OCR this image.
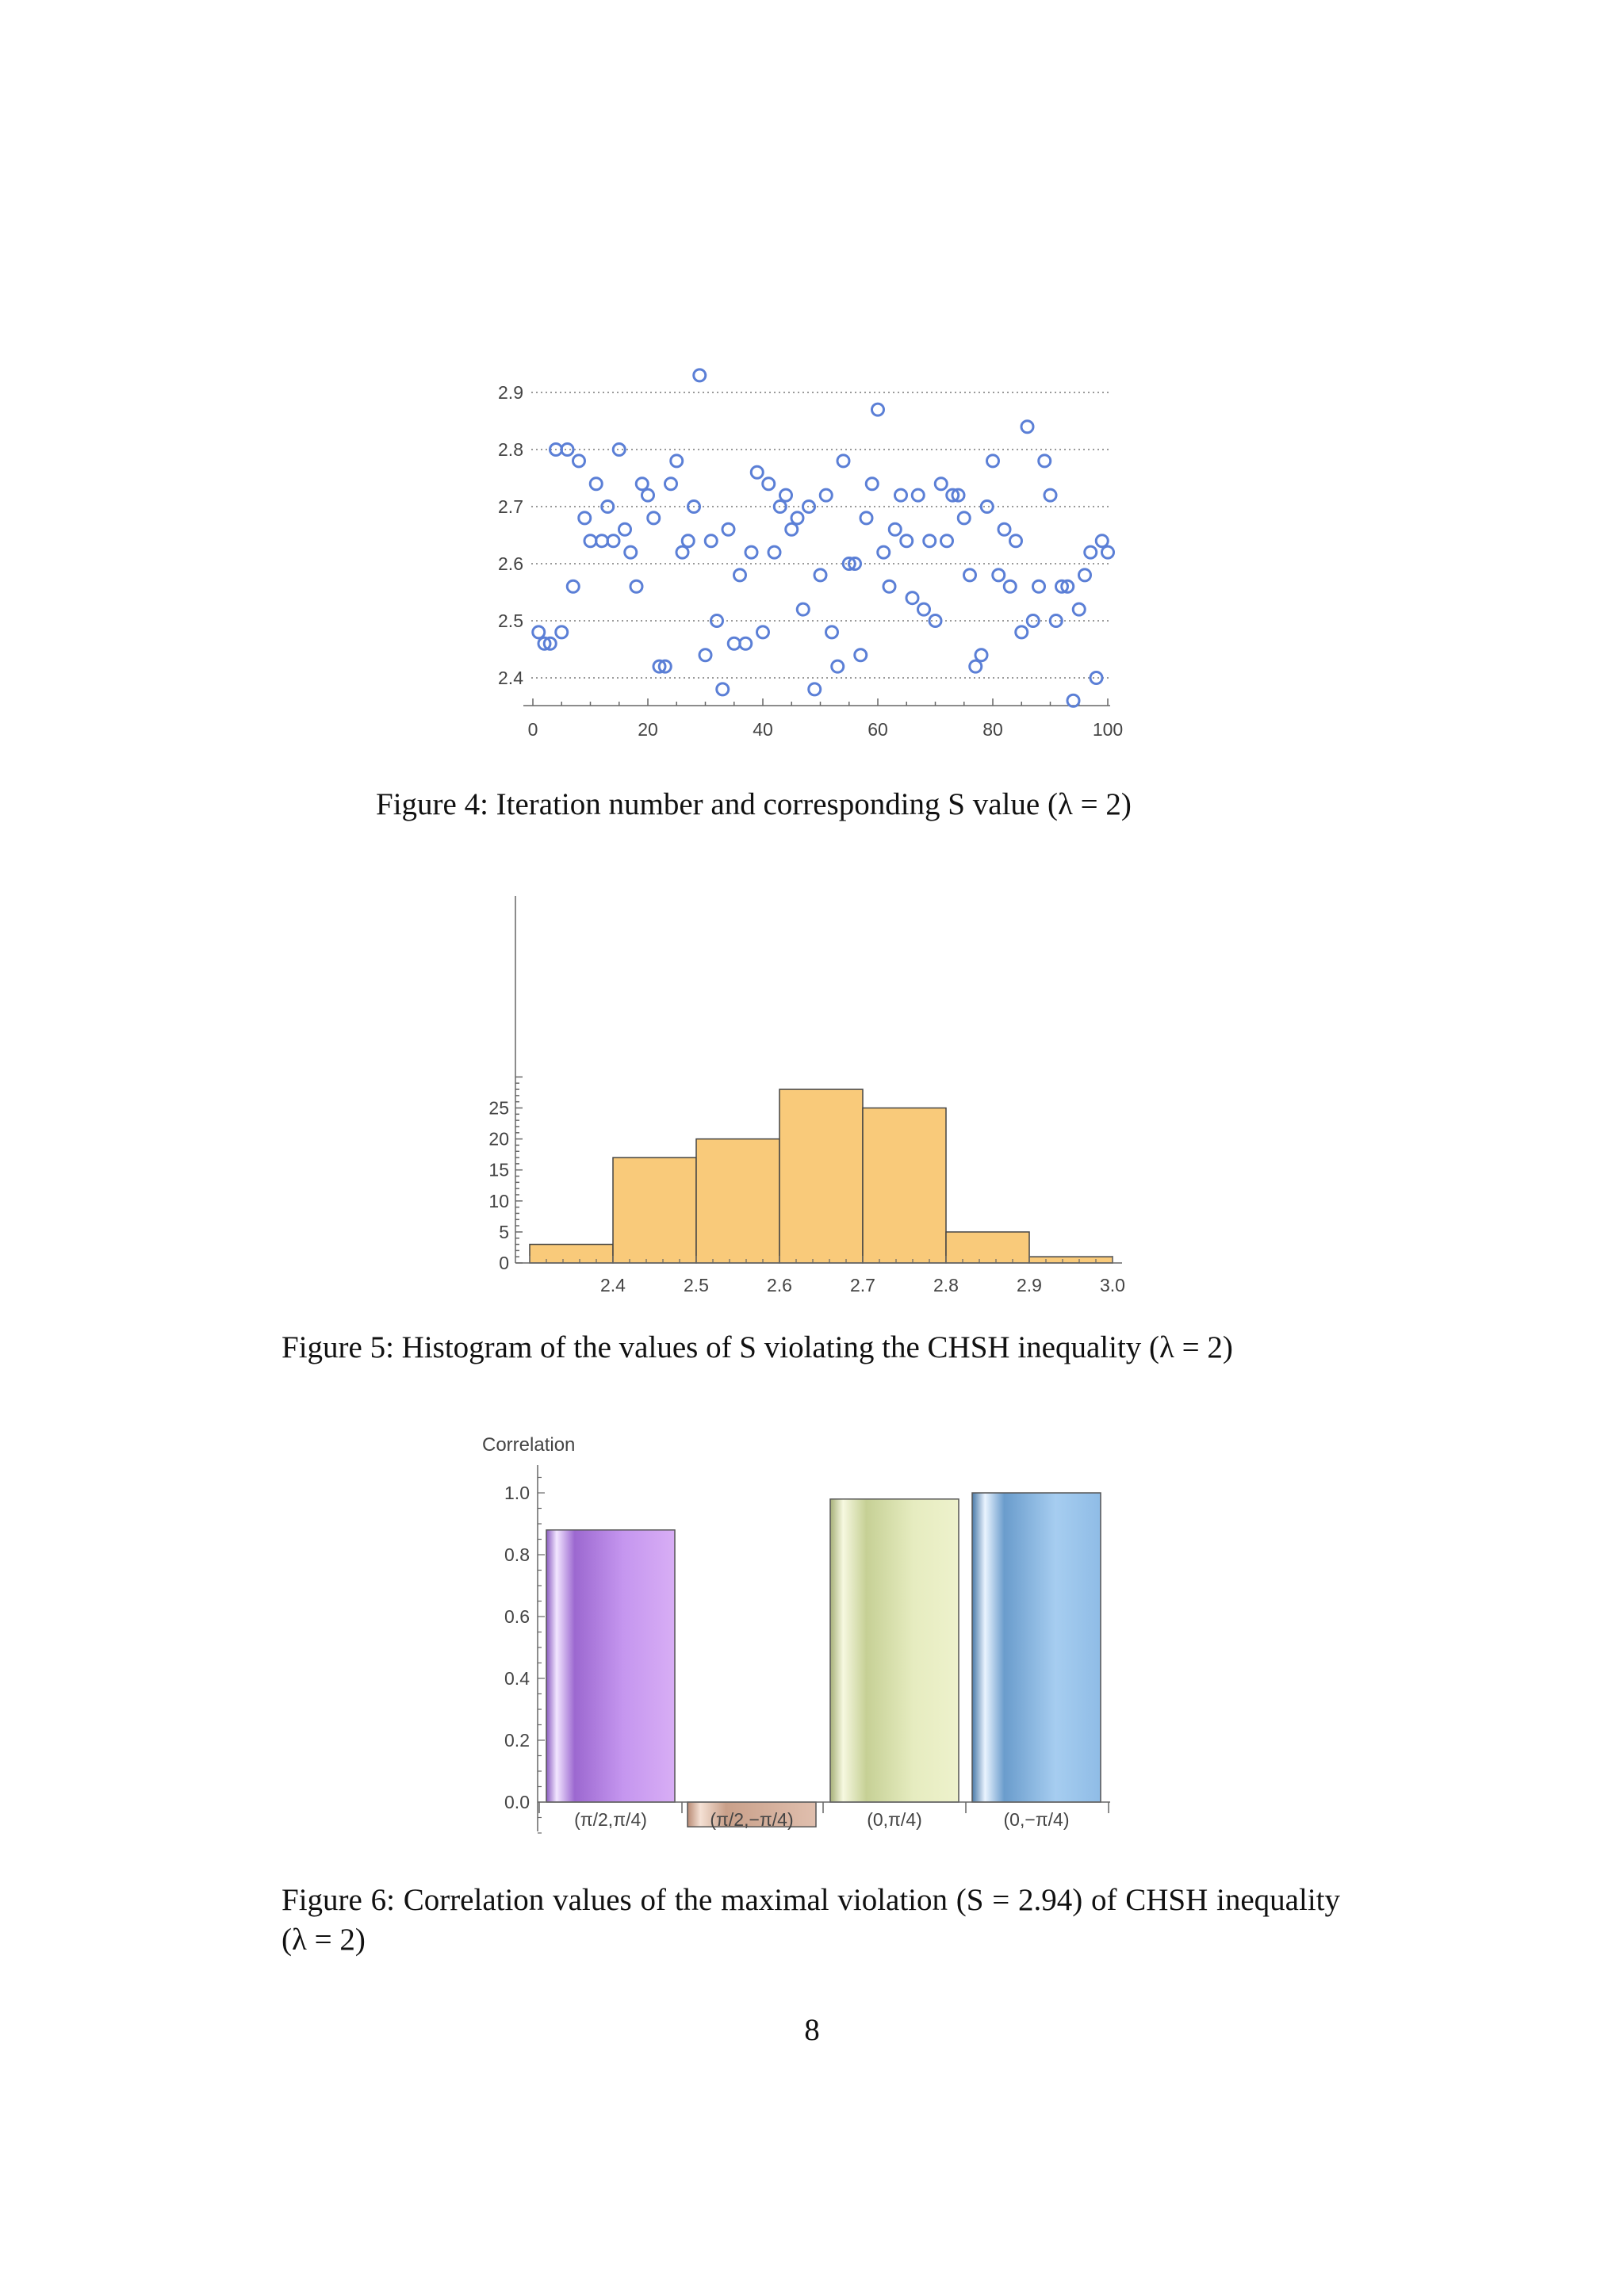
2.4
2.5
2.6
2.7
2.8
2.9
0	20	40	60	80	100
Figure 4: Iteration number and corresponding S value (λ = 2)
0
5
10
15
20
25
2.4	2.5	2.6	2.7	2.8	2.9	3.0
Figure 5: Histogram of the values of S violating the CHSH inequality (λ = 2)
Correlation
0.0
0.2
0.4
0.6
0.8
1.0
(π/2,π/4)	(π/2,−π/4)	(0,π/4)	(0,−π/4)
Figure 6: Correlation values of the maximal violation (S = 2.94) of CHSH inequality (λ = 2)
8
